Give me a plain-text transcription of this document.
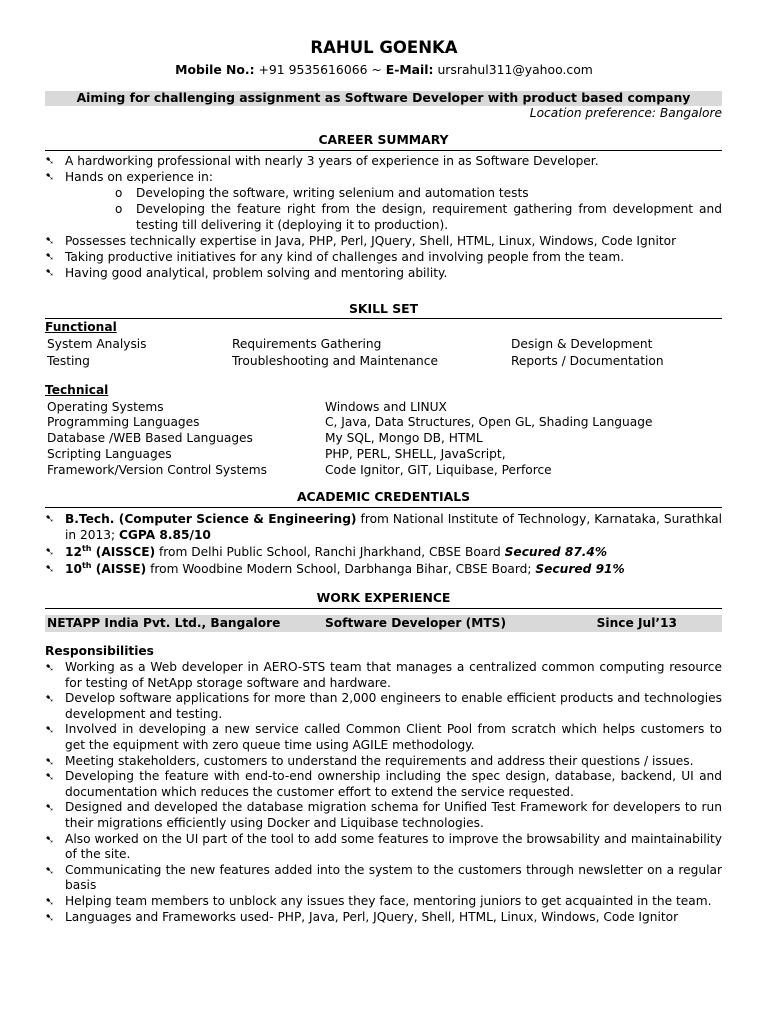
RAHUL GOENKA
Mobile No.: +91 9535616066 ~ E-Mail: ursrahul311@yahoo.com
Aiming for challenging assignment as Software Developer with product based company
Location preference: Bangalore
CAREER SUMMARY
➷ A hardworking professional with nearly 3 years of experience in as Software Developer.
➷ Hands on experience in:
o Developing the software, writing selenium and automation tests
o Developing the feature right from the design, requirement gathering from development and testing till delivering it (deploying it to production).
➷ Possesses technically expertise in Java, PHP, Perl, JQuery, Shell, HTML, Linux, Windows, Code Ignitor
➷ Taking productive initiatives for any kind of challenges and involving people from the team.
➷ Having good analytical, problem solving and mentoring ability.
SKILL SET
Functional
System Analysis	Requirements Gathering	Design & Development
Testing	Troubleshooting and Maintenance	Reports / Documentation
Technical
Operating Systems	Windows and LINUX
Programming Languages	C, Java, Data Structures, Open GL, Shading Language
Database /WEB Based Languages	My SQL, Mongo DB, HTML
Scripting Languages	PHP, PERL, SHELL, JavaScript,
Framework/Version Control Systems	Code Ignitor, GIT, Liquibase, Perforce
ACADEMIC CREDENTIALS
➷ B.Tech. (Computer Science & Engineering) from National Institute of Technology, Karnataka, Surathkal in 2013; CGPA 8.85/10
➷ 12th (AISSCE) from Delhi Public School, Ranchi Jharkhand, CBSE Board Secured 87.4%
➷ 10th (AISSE) from Woodbine Modern School, Darbhanga Bihar, CBSE Board; Secured 91%
WORK EXPERIENCE
NETAPP India Pvt. Ltd., Bangalore	Software Developer (MTS)	Since Jul’13
Responsibilities
➷ Working as a Web developer in AERO-STS team that manages a centralized common computing resource for testing of NetApp storage software and hardware.
➷ Develop software applications for more than 2,000 engineers to enable efficient products and technologies development and testing.
➷ Involved in developing a new service called Common Client Pool from scratch which helps customers to get the equipment with zero queue time using AGILE methodology.
➷ Meeting stakeholders, customers to understand the requirements and address their questions / issues.
➷ Developing the feature with end-to-end ownership including the spec design, database, backend, UI and documentation which reduces the customer effort to extend the service requested.
➷ Designed and developed the database migration schema for Unified Test Framework for developers to run their migrations efficiently using Docker and Liquibase technologies.
➷ Also worked on the UI part of the tool to add some features to improve the browsability and maintainability of the site.
➷ Communicating the new features added into the system to the customers through newsletter on a regular basis
➷ Helping team members to unblock any issues they face, mentoring juniors to get acquainted in the team.
➷ Languages and Frameworks used- PHP, Java, Perl, JQuery, Shell, HTML, Linux, Windows, Code Ignitor
